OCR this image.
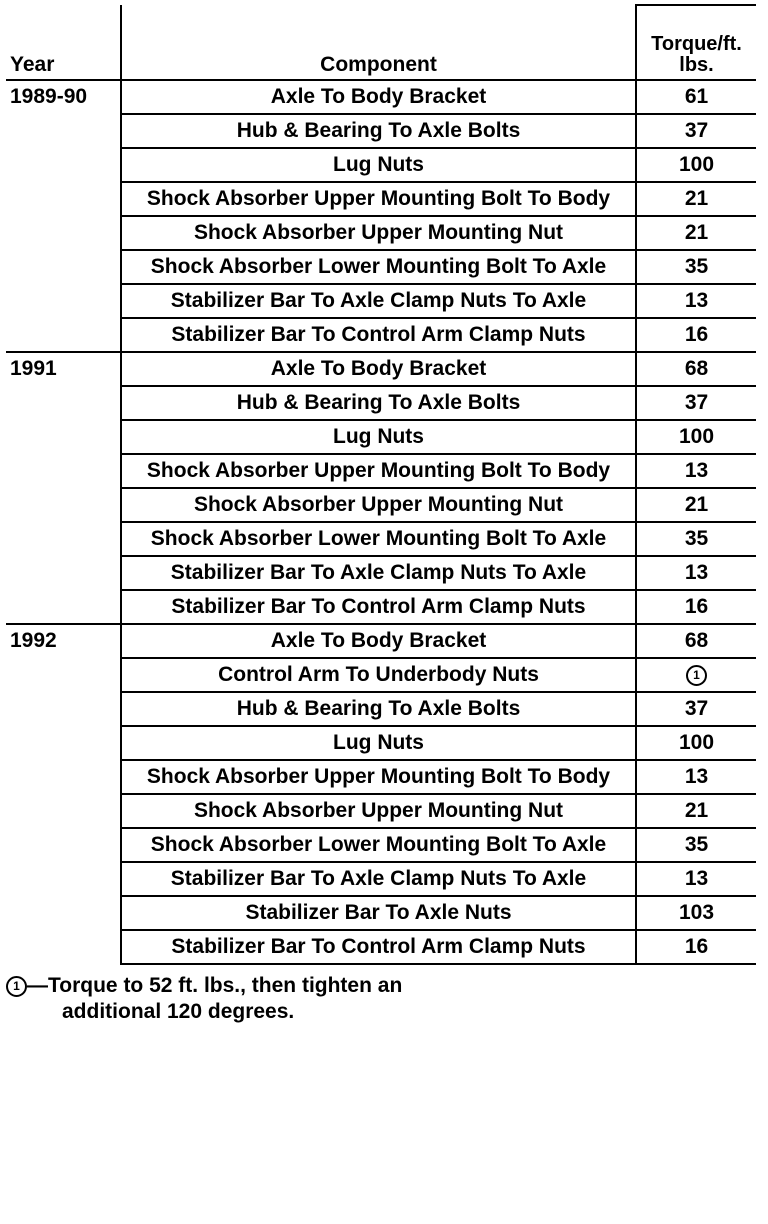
Year	Component	Torque/ft. lbs.
1989-90	Axle To Body Bracket	61
	Hub & Bearing To Axle Bolts	37
	Lug Nuts	100
	Shock Absorber Upper Mounting Bolt To Body	21
	Shock Absorber Upper Mounting Nut	21
	Shock Absorber Lower Mounting Bolt To Axle	35
	Stabilizer Bar To Axle Clamp Nuts To Axle	13
	Stabilizer Bar To Control Arm Clamp Nuts	16
1991	Axle To Body Bracket	68
	Hub & Bearing To Axle Bolts	37
	Lug Nuts	100
	Shock Absorber Upper Mounting Bolt To Body	13
	Shock Absorber Upper Mounting Nut	21
	Shock Absorber Lower Mounting Bolt To Axle	35
	Stabilizer Bar To Axle Clamp Nuts To Axle	13
	Stabilizer Bar To Control Arm Clamp Nuts	16
1992	Axle To Body Bracket	68
	Control Arm To Underbody Nuts	1
	Hub & Bearing To Axle Bolts	37
	Lug Nuts	100
	Shock Absorber Upper Mounting Bolt To Body	13
	Shock Absorber Upper Mounting Nut	21
	Shock Absorber Lower Mounting Bolt To Axle	35
	Stabilizer Bar To Axle Clamp Nuts To Axle	13
	Stabilizer Bar To Axle Nuts	103
	Stabilizer Bar To Control Arm Clamp Nuts	16
1 —Torque to 52 ft. lbs., then tighten an
additional 120 degrees.
